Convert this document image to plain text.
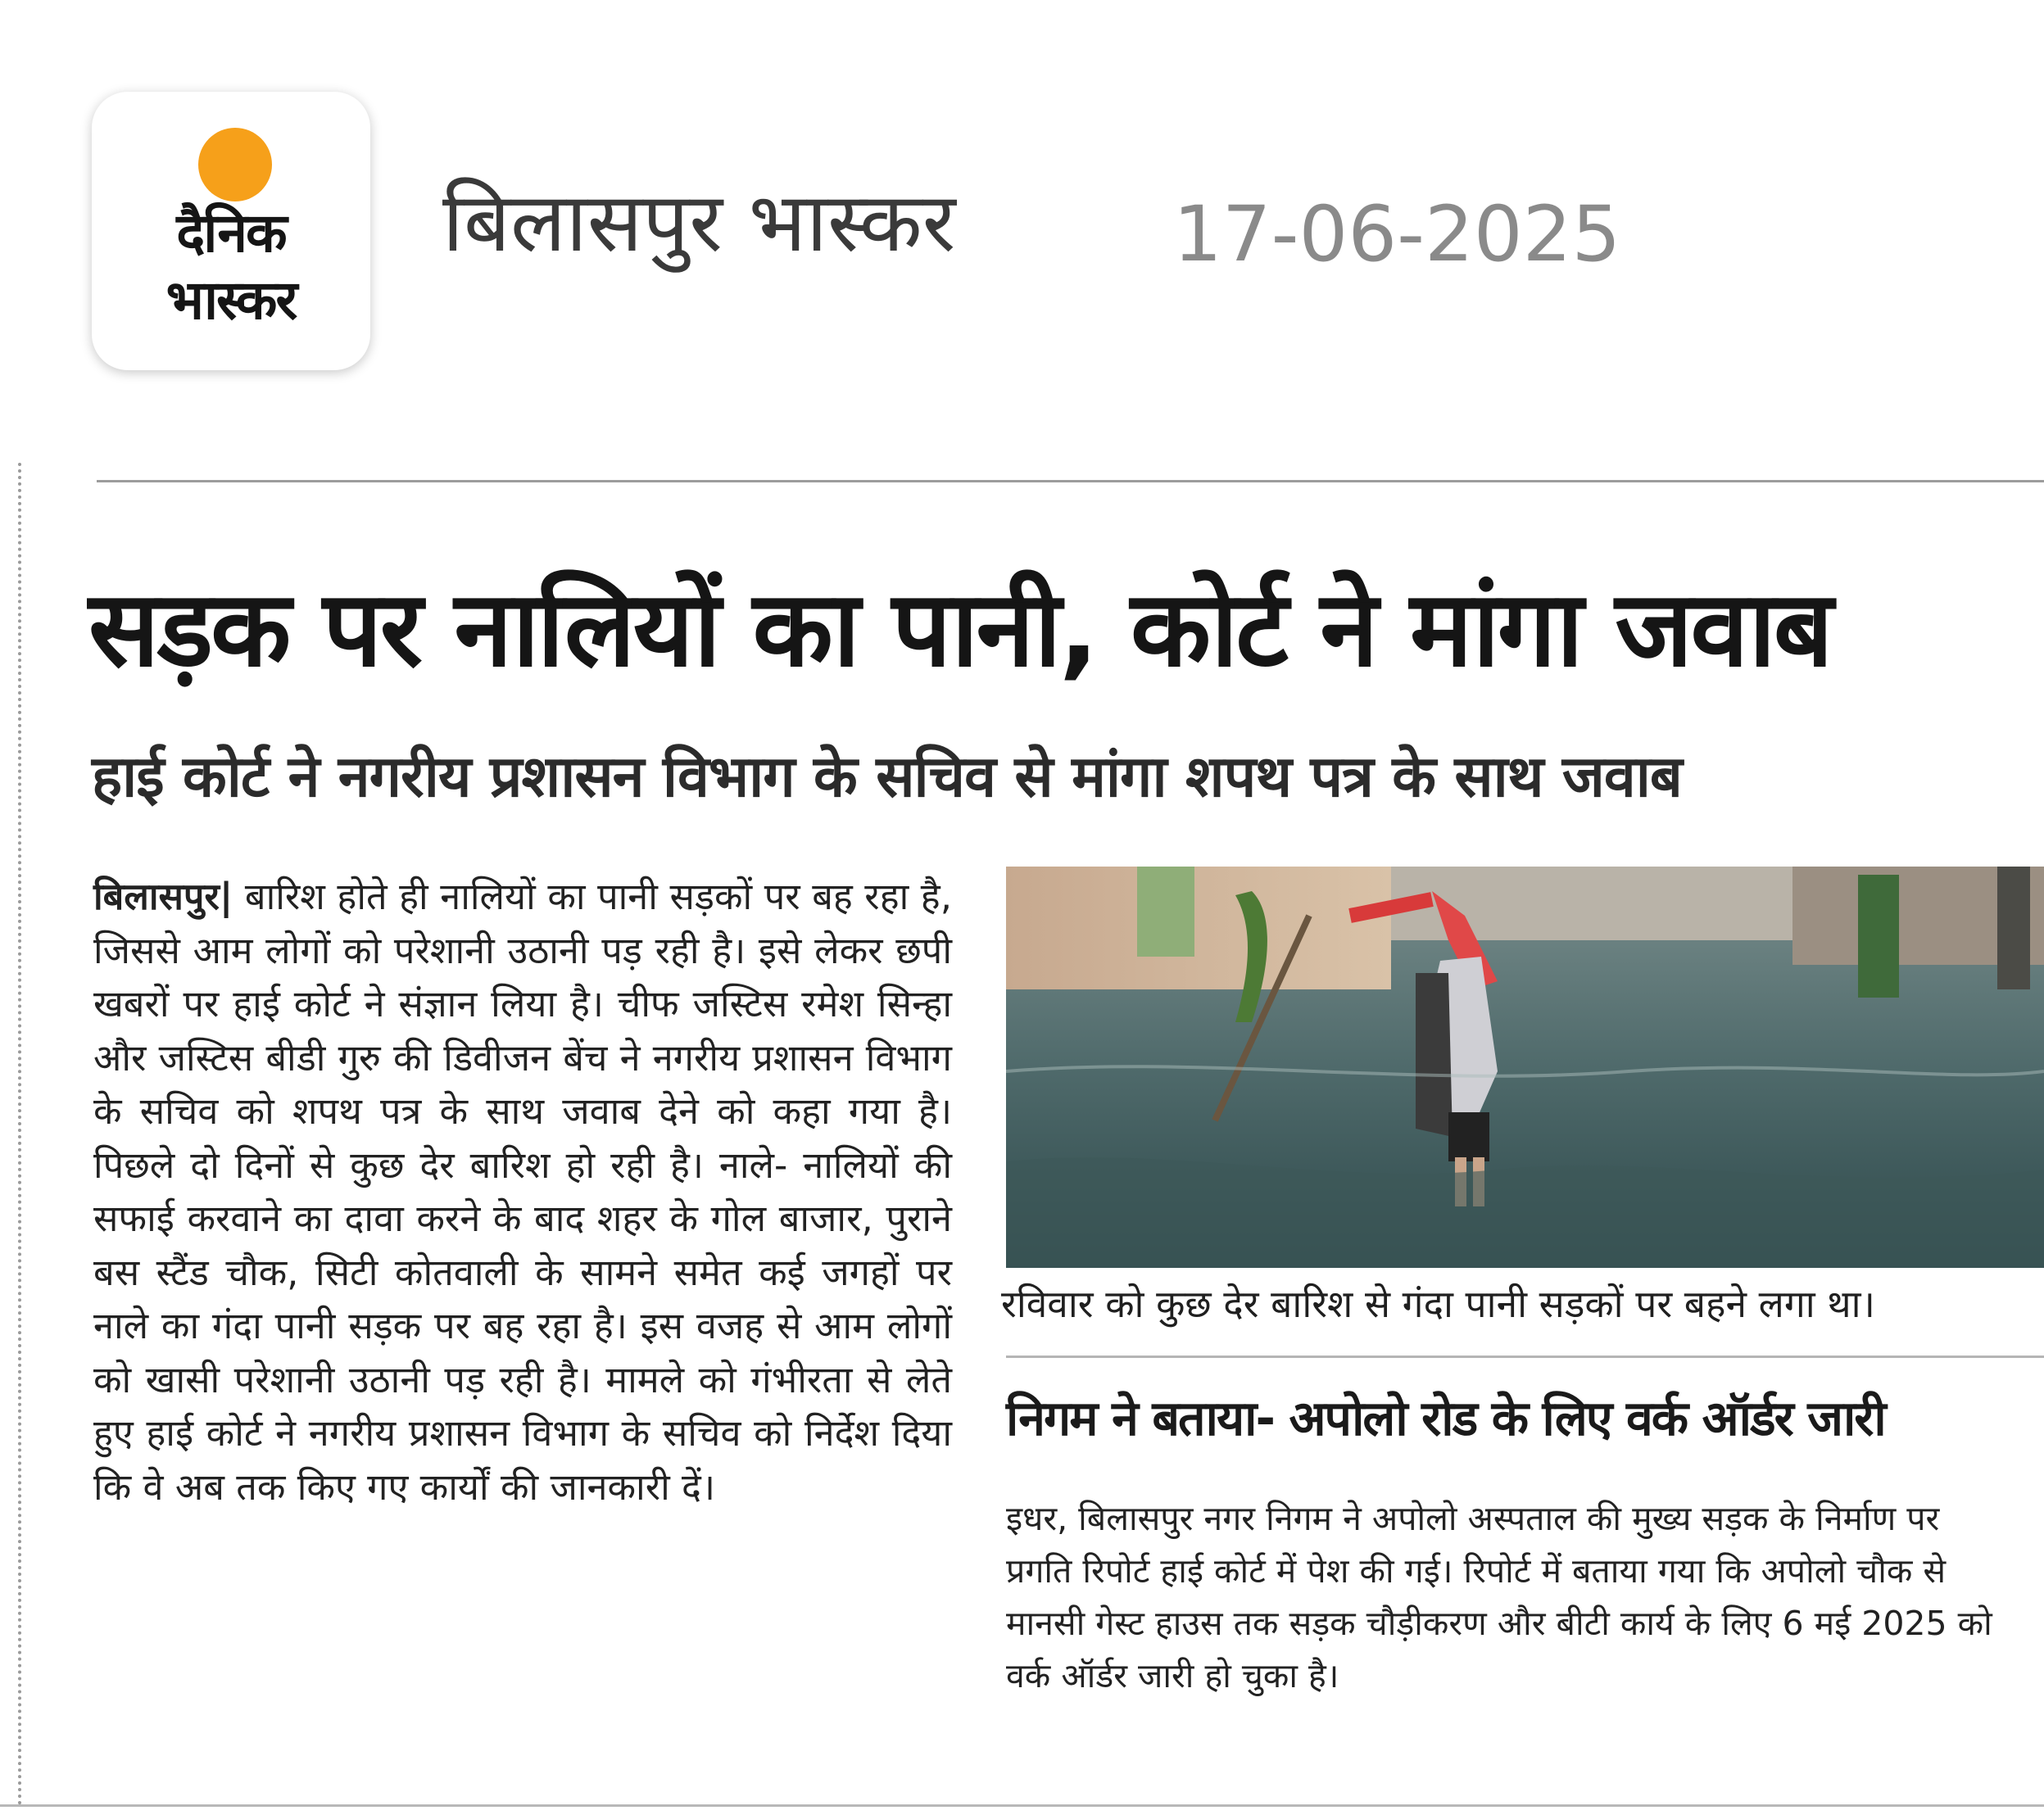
दैनिक
भास्कर
बिलासपुर भास्कर	17-06-2025
सड़क पर नालियों का पानी, कोर्ट ने मांगा जवाब
हाई कोर्ट ने नगरीय प्रशासन विभाग के सचिव से मांगा शपथ पत्र के साथ जवाब
बिलासपुर| बारिश होते ही नालियों का पानी सड़कों पर बह रहा है, जिससे आम लोगों को परेशानी उठानी पड़ रही है। इसे लेकर छपी खबरों पर हाई कोर्ट ने संज्ञान लिया है। चीफ जस्टिस रमेश सिन्हा और जस्टिस बीडी गुरु की डिवीजन बेंच ने नगरीय प्रशासन विभाग के सचिव को शपथ पत्र के साथ जवाब देने को कहा गया है।पिछले दो दिनों से कुछ देर बारिश हो रही है। नाले- नालियों की सफाई करवाने का दावा करने के बाद शहर के गोल बाजार, पुराने बस स्टैंड चौक, सिटी कोतवाली के सामने समेत कई जगहों पर नाले का गंदा पानी सड़क पर बह रहा है। इस वजह से आम लोगों को खासी परेशानी उठानी पड़ रही है। मामले को गंभीरता से लेते हुए हाई कोर्ट ने नगरीय प्रशासन विभाग के सचिव को निर्देश दिया कि वे अब तक किए गए कार्यों की जानकारी दें।
रविवार को कुछ देर बारिश से गंदा पानी सड़कों पर बहने लगा था।
निगम ने बताया- अपोलो रोड के लिए वर्क ऑर्डर जारी
इधर, बिलासपुर नगर निगम ने अपोलो अस्पताल की मुख्य सड़क के निर्माण पर प्रगति रिपोर्ट हाई कोर्ट में पेश की गई। रिपोर्ट में बताया गया कि अपोलो चौक से मानसी गेस्ट हाउस तक सड़क चौड़ीकरण और बीटी कार्य के लिए 6 मई 2025 को वर्क ऑर्डर जारी हो चुका है।
